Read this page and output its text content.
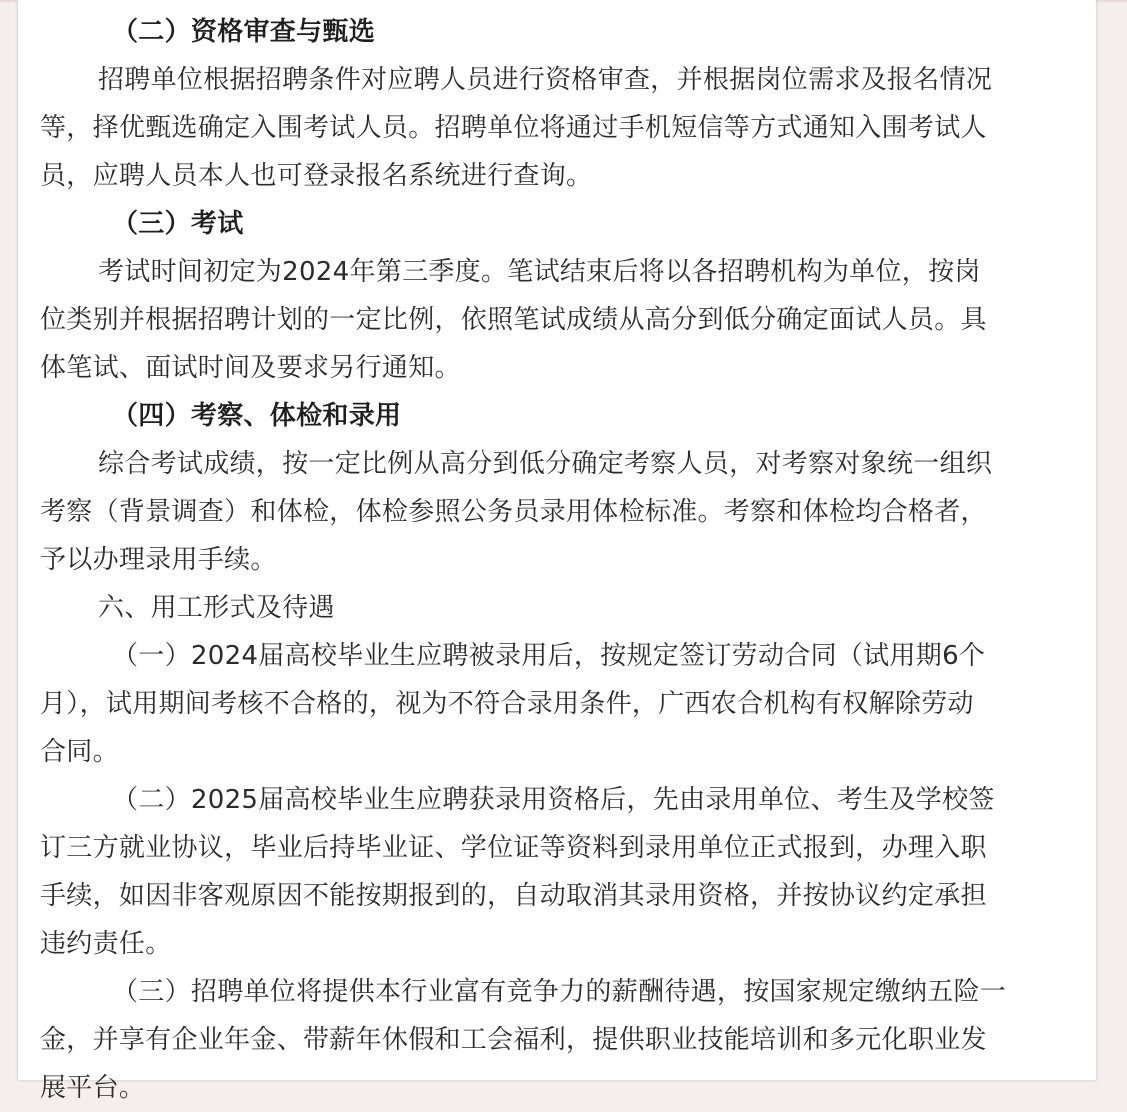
（二）资格审查与甄选
招聘单位根据招聘条件对应聘人员进行资格审查，并根据岗位需求及报名情况
等，择优甄选确定入围考试人员。招聘单位将通过手机短信等方式通知入围考试人
员，应聘人员本人也可登录报名系统进行查询。
（三）考试
考试时间初定为2024年第三季度。笔试结束后将以各招聘机构为单位，按岗
位类别并根据招聘计划的一定比例，依照笔试成绩从高分到低分确定面试人员。具
体笔试、面试时间及要求另行通知。
（四）考察、体检和录用
综合考试成绩，按一定比例从高分到低分确定考察人员，对考察对象统一组织
考察（背景调查）和体检，体检参照公务员录用体检标准。考察和体检均合格者，
予以办理录用手续。
六、用工形式及待遇
（一）2024届高校毕业生应聘被录用后，按规定签订劳动合同（试用期6个
月），试用期间考核不合格的，视为不符合录用条件，广西农合机构有权解除劳动
合同。
（二）2025届高校毕业生应聘获录用资格后，先由录用单位、考生及学校签
订三方就业协议，毕业后持毕业证、学位证等资料到录用单位正式报到，办理入职
手续，如因非客观原因不能按期报到的，自动取消其录用资格，并按协议约定承担
违约责任。
（三）招聘单位将提供本行业富有竞争力的薪酬待遇，按国家规定缴纳五险一
金，并享有企业年金、带薪年休假和工会福利，提供职业技能培训和多元化职业发
展平台。
